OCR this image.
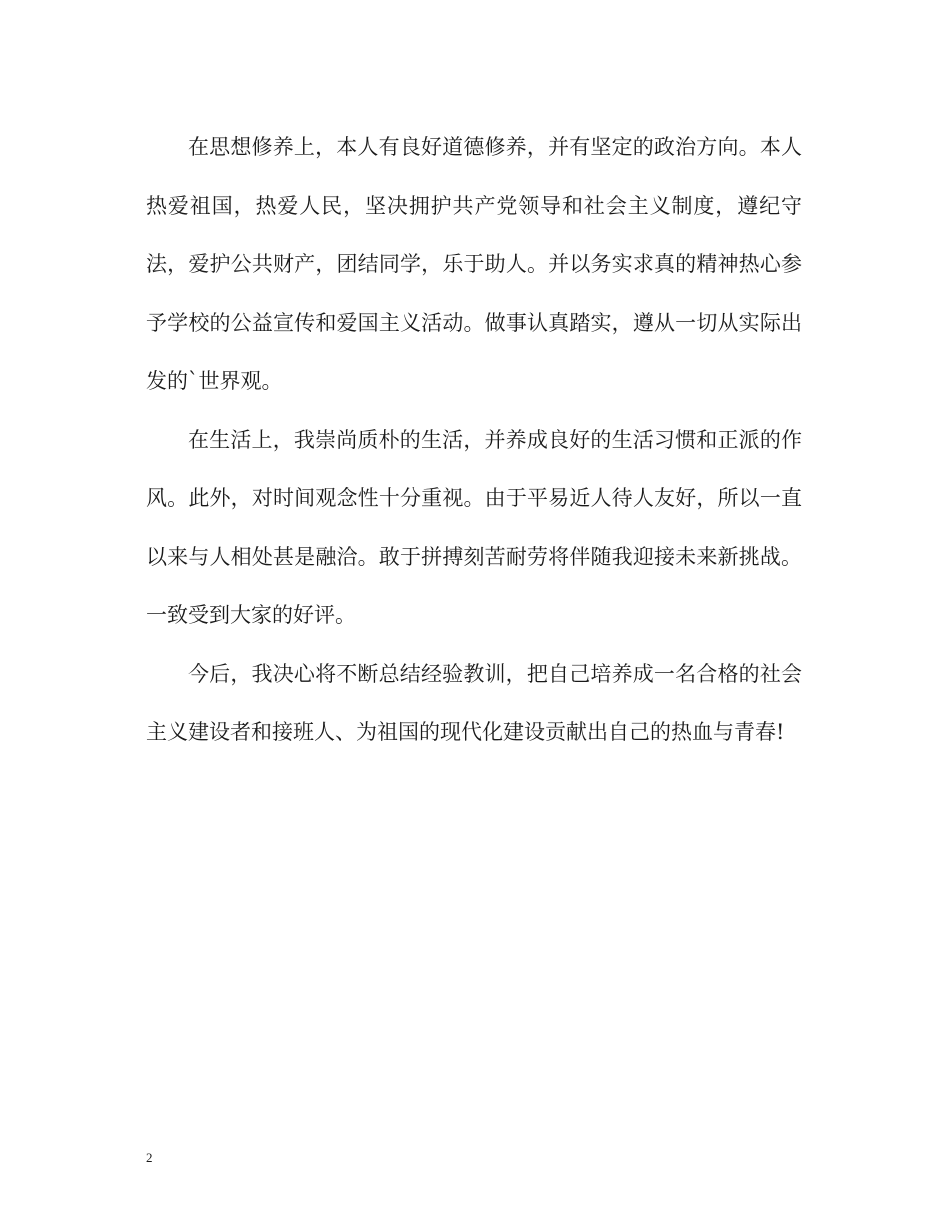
在思想修养上，本人有良好道德修养，并有坚定的政治方向。本人热爱祖国，热爱人民，坚决拥护共产党领导和社会主义制度，遵纪守法，爱护公共财产，团结同学，乐于助人。并以务实求真的精神热心参予学校的公益宣传和爱国主义活动。做事认真踏实，遵从一切从实际出发的`世界观。

在生活上，我崇尚质朴的生活，并养成良好的生活习惯和正派的作风。此外，对时间观念性十分重视。由于平易近人待人友好，所以一直以来与人相处甚是融洽。敢于拼搏刻苦耐劳将伴随我迎接未来新挑战。一致受到大家的好评。

今后，我决心将不断总结经验教训，把自己培养成一名合格的社会主义建设者和接班人、为祖国的现代化建设贡献出自己的热血与青春!

2
